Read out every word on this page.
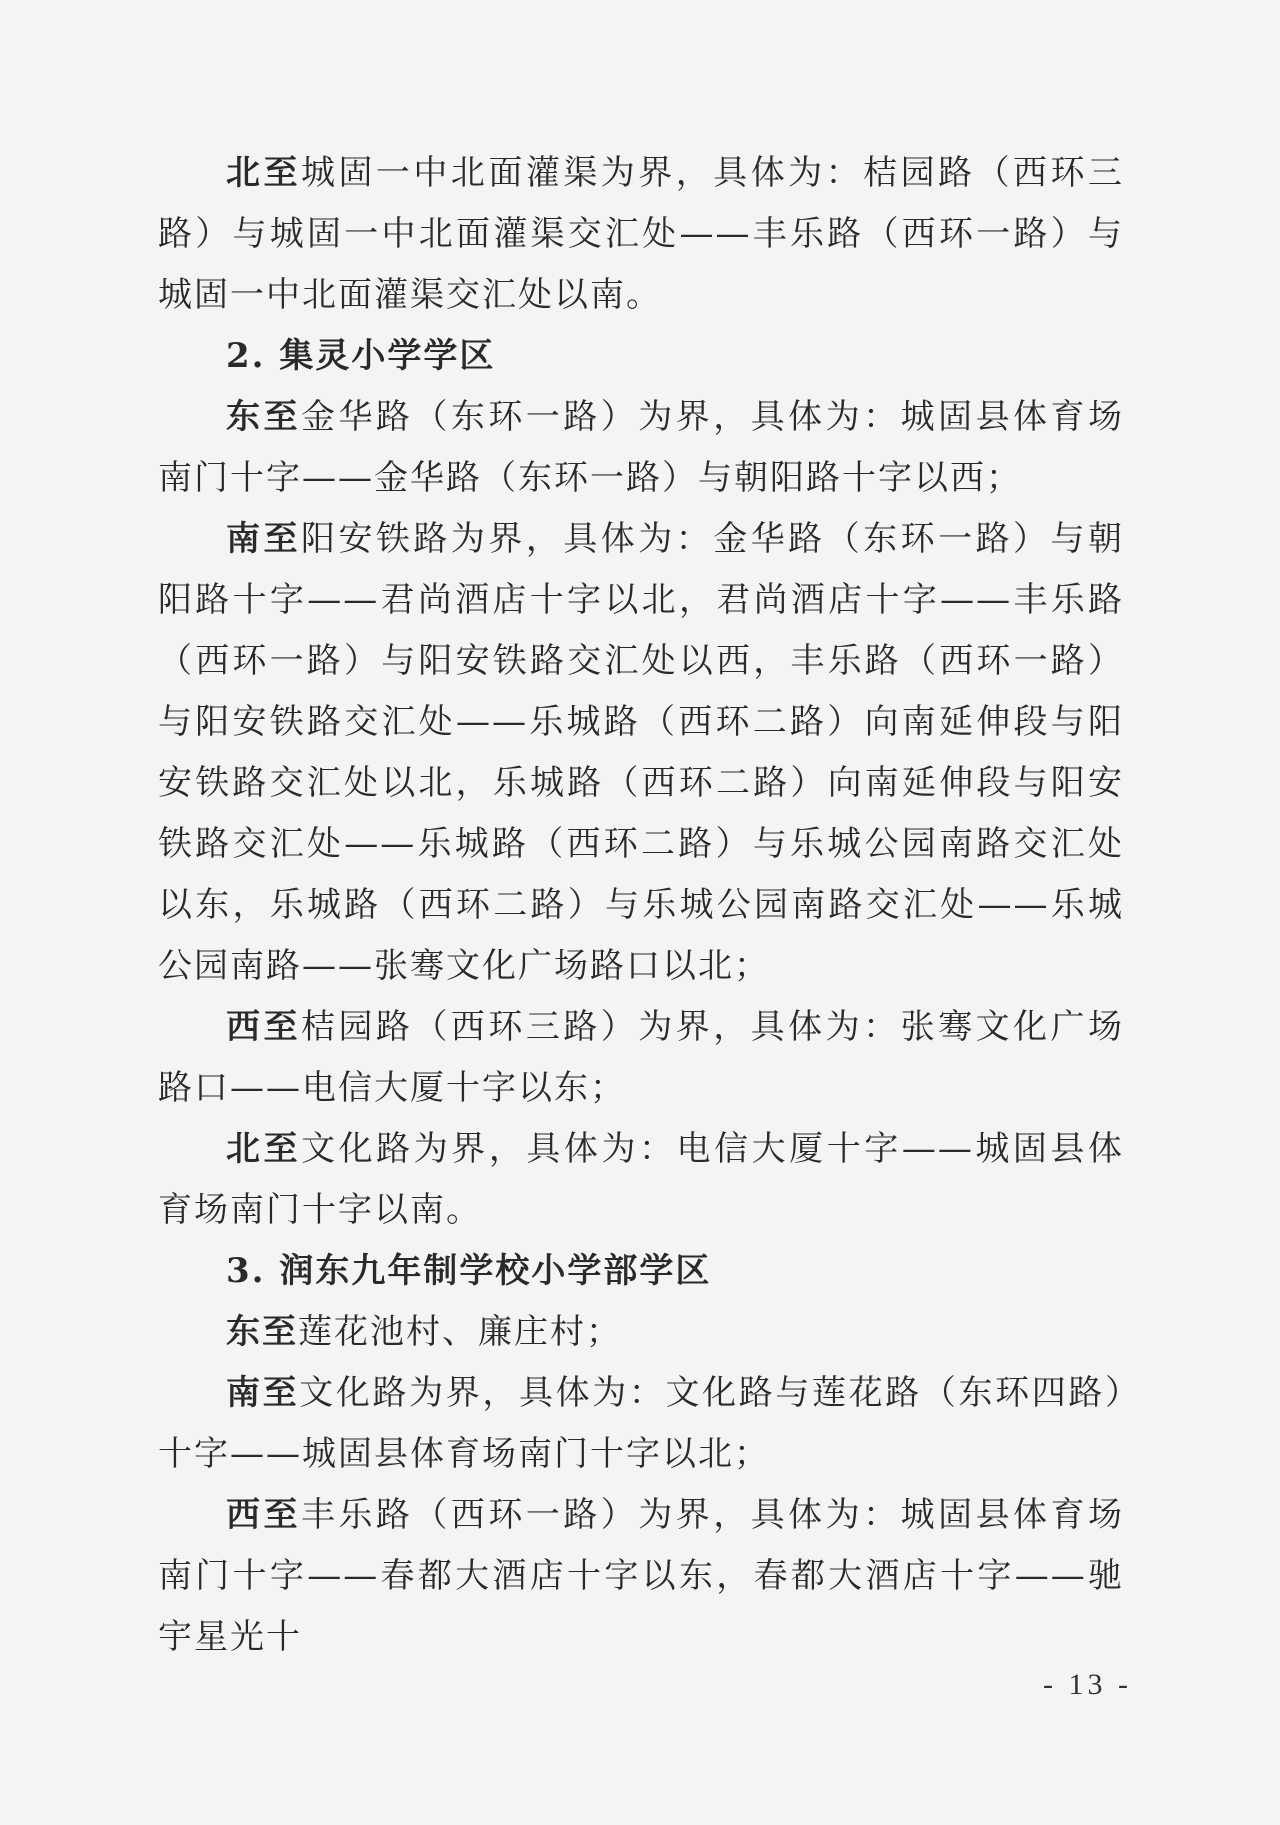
北至城固一中北面灌渠为界，具体为：桔园路（西环三路）与城固一中北面灌渠交汇处——丰乐路（西环一路）与城固一中北面灌渠交汇处以南。

2. 集灵小学学区

东至金华路（东环一路）为界，具体为：城固县体育场南门十字——金华路（东环一路）与朝阳路十字以西；

南至阳安铁路为界，具体为：金华路（东环一路）与朝阳路十字——君尚酒店十字以北，君尚酒店十字——丰乐路（西环一路）与阳安铁路交汇处以西，丰乐路（西环一路）与阳安铁路交汇处——乐城路（西环二路）向南延伸段与阳安铁路交汇处以北，乐城路（西环二路）向南延伸段与阳安铁路交汇处——乐城路（西环二路）与乐城公园南路交汇处以东，乐城路（西环二路）与乐城公园南路交汇处——乐城公园南路——张骞文化广场路口以北；

西至桔园路（西环三路）为界，具体为：张骞文化广场路口——电信大厦十字以东；

北至文化路为界，具体为：电信大厦十字——城固县体育场南门十字以南。

3. 润东九年制学校小学部学区

东至莲花池村、廉庄村；

南至文化路为界，具体为：文化路与莲花路（东环四路）十字——城固县体育场南门十字以北；

西至丰乐路（西环一路）为界，具体为：城固县体育场南门十字——春都大酒店十字以东，春都大酒店十字——驰宇星光十

- 13 -
